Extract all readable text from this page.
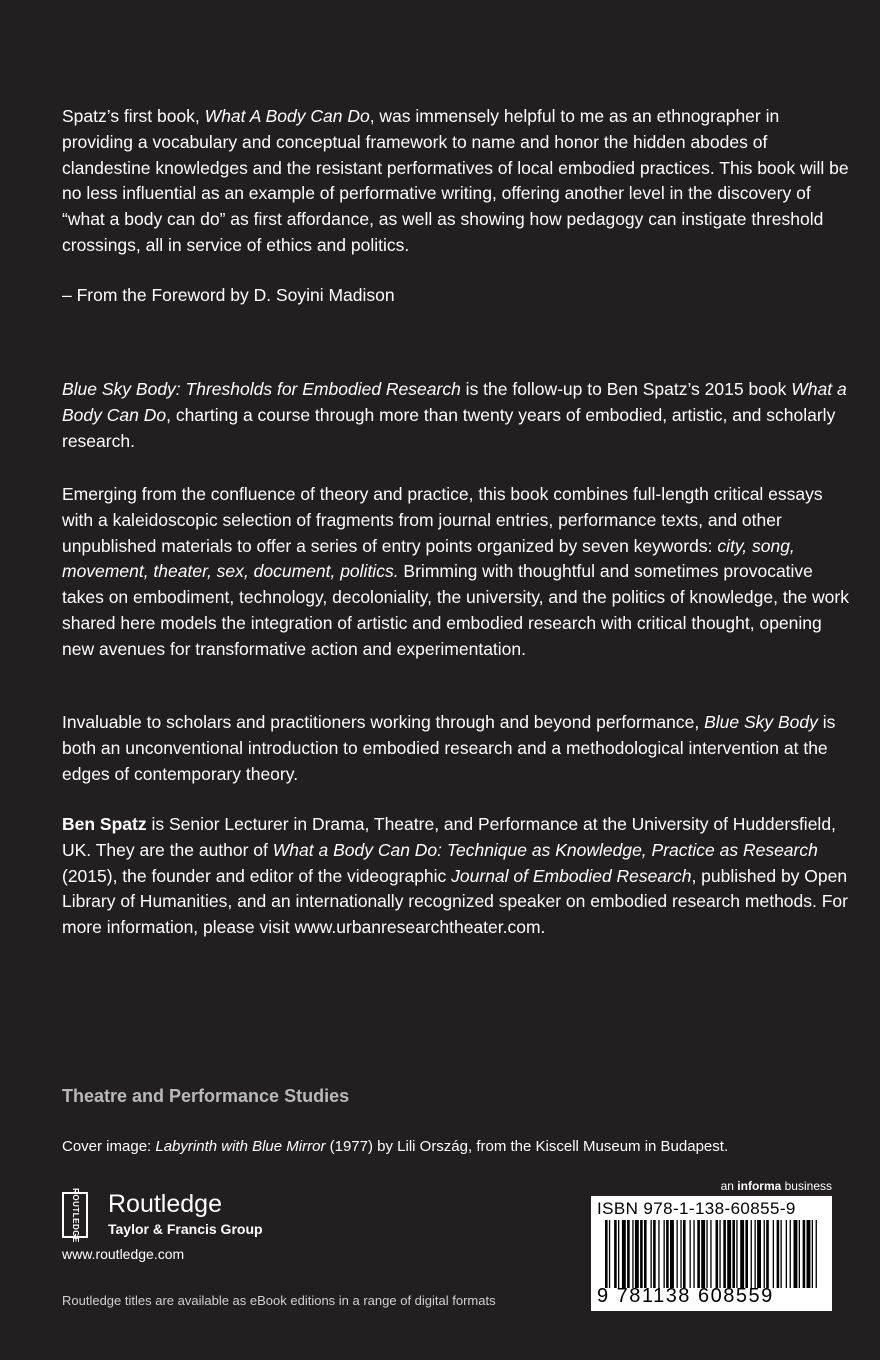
Spatz’s first book, What A Body Can Do, was immensely helpful to me as an ethnographer in providing a vocabulary and conceptual framework to name and honor the hidden abodes of clandestine knowledges and the resistant performatives of local embodied practices. This book will be no less influential as an example of performative writing, offering another level in the discovery of “what a body can do” as first affordance, as well as showing how pedagogy can instigate threshold crossings, all in service of ethics and politics.

– From the Foreword by D. Soyini Madison

Blue Sky Body: Thresholds for Embodied Research is the follow-up to Ben Spatz’s 2015 book What a Body Can Do, charting a course through more than twenty years of embodied, artistic, and scholarly research.

Emerging from the confluence of theory and practice, this book combines full-length critical essays with a kaleidoscopic selection of fragments from journal entries, performance texts, and other unpublished materials to offer a series of entry points organized by seven keywords: city, song, movement, theater, sex, document, politics. Brimming with thoughtful and sometimes provocative takes on embodiment, technology, decoloniality, the university, and the politics of knowledge, the work shared here models the integration of artistic and embodied research with critical thought, opening new avenues for transformative action and experimentation.

Invaluable to scholars and practitioners working through and beyond performance, Blue Sky Body is both an unconventional introduction to embodied research and a methodological intervention at the edges of contemporary theory.

Ben Spatz is Senior Lecturer in Drama, Theatre, and Performance at the University of Huddersfield, UK. They are the author of What a Body Can Do: Technique as Knowledge, Practice as Research (2015), the founder and editor of the videographic Journal of Embodied Research, published by Open Library of Humanities, and an internationally recognized speaker on embodied research methods. For more information, please visit www.urbanresearchtheater.com.

Theatre and Performance Studies
Cover image: Labyrinth with Blue Mirror (1977) by Lili Ország, from the Kiscell Museum in Budapest.
ROUTLEDGE Routledge
Taylor & Francis Group
www.routledge.com
Routledge titles are available as eBook editions in a range of digital formats
an informa business
ISBN 978-1-138-60855-9
9 781138 608559
